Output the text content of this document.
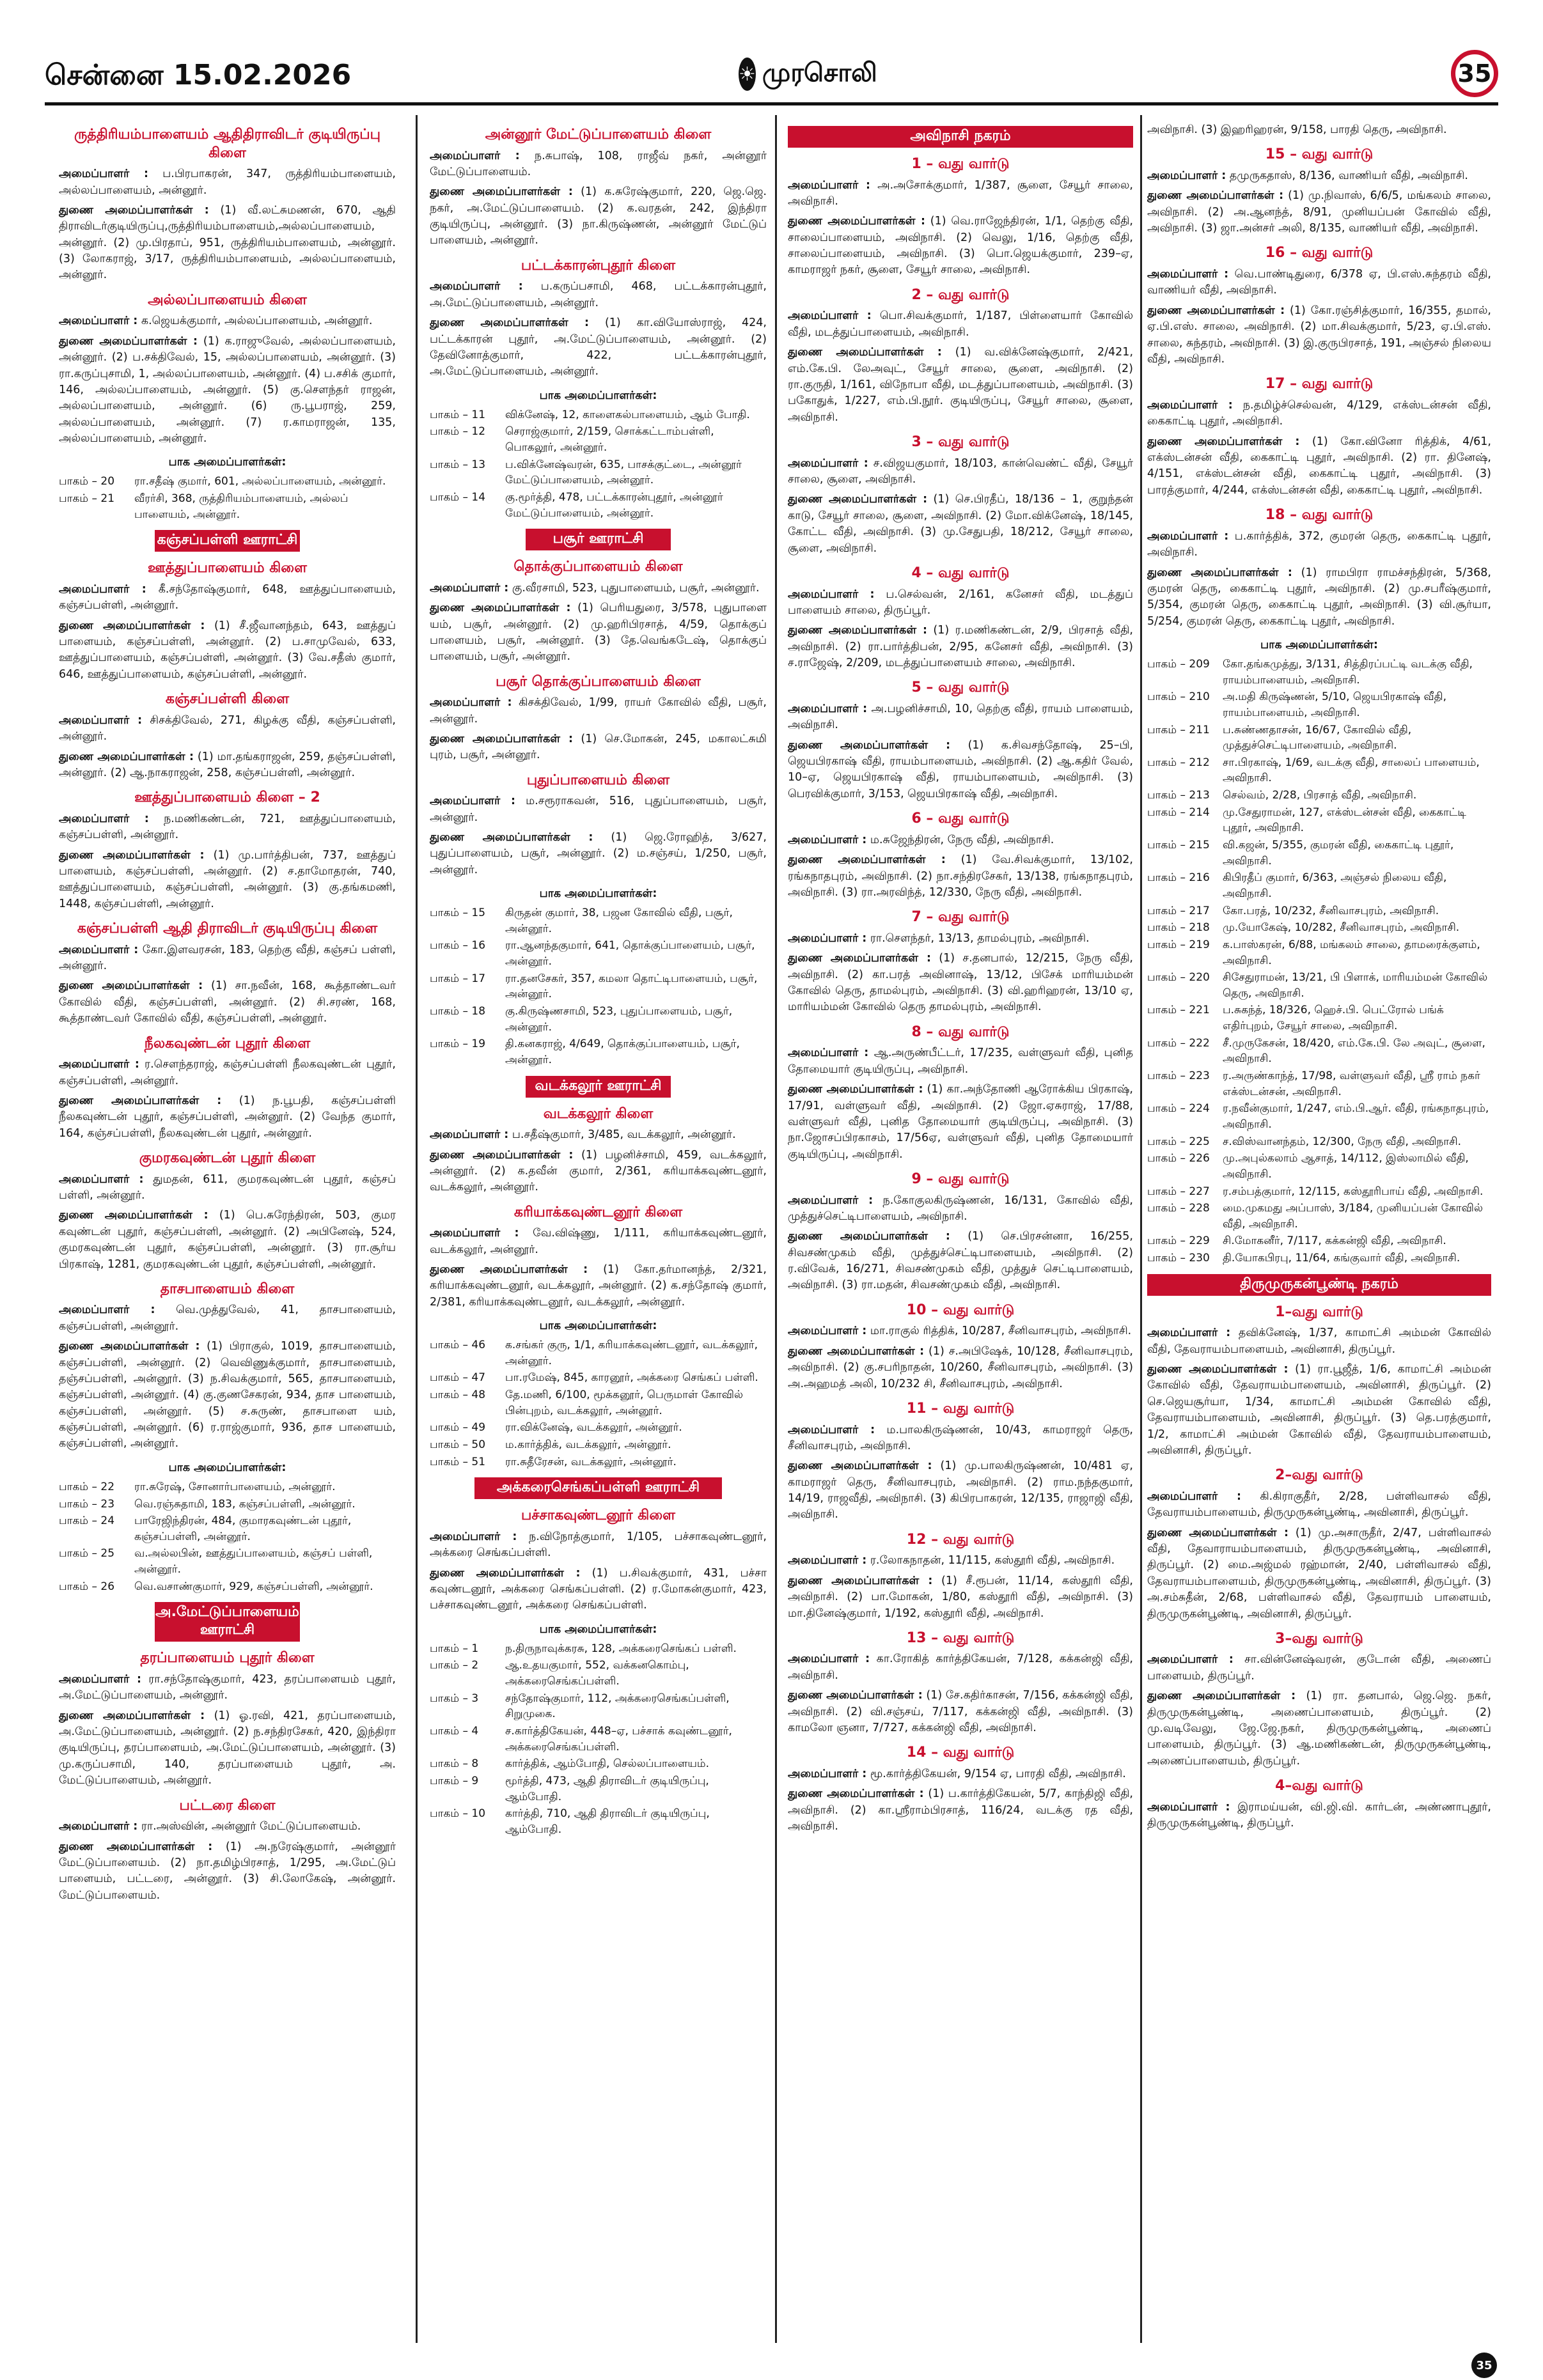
சென்னை 15.02.2026	☀ முரசொலி	35
ருத்திரியம்பாளையம் ஆதிதிராவிடர் குடியிருப்பு கிளை

அமைப்பாளர் : ப.பிரபாகரன், 347, ருத்திரியம்பாளையம், அல்லப்பாளையம், அன்னூர்.

துணை அமைப்பாளர்கள் : (1) வீ.லட்சுமணன், 670, ஆதி திராவிடர்குடியிருப்பு,ருத்திரியம்பாளையம்,அல்லப்பாளையம், அன்னூர். (2) மு.பிரதாப், 951, ருத்திரியம்பாளையம், அன்னூர். (3) லோகராஜ், 3/17, ருத்திரியம்பாளையம், அல்லப்பாளையம், அன்னூர்.

அல்லப்பாளையம் கிளை

அமைப்பாளர் : க.ஜெயக்குமார், அல்லப்பாளையம், அன்னூர்.

துணை அமைப்பாளர்கள் : (1) க.ராஜுவேல், அல்லப்பாளையம், அன்னூர். (2) ப.சக்திவேல், 15, அல்லப்பாளையம், அன்னூர். (3) ரா.கருப்புசாமி, 1, அல்லப்பாளையம், அன்னூர். (4) ப.சசிக் குமார், 146, அல்லப்பாளையம், அன்னூர். (5) கு.சௌந்தர் ராஜன், அல்லப்பாளையம், அன்னூர். (6) ரு.பூபராஜ், 259, அல்லப்பாளையம், அன்னூர். (7) ர.காமராஜன், 135, அல்லப்பாளையம், அன்னூர்.

பாக அமைப்பாளர்கள்:
பாகம் – 20	ரா.சதீஷ் குமார், 601, அல்லப்பாளையம், அன்னூர்.
பாகம் – 21	வீரர்சி, 368, ருத்திரியம்பாளையம், அல்லப் பாளையம், அன்னூர்.
கஞ்சப்பள்ளி ஊராட்சி
ஊத்துப்பாளையம் கிளை

அமைப்பாளர் : கீ.சந்தோஷ்குமார், 648, ஊத்துப்பாளையம், கஞ்சப்பள்ளி, அன்னூர்.

துணை அமைப்பாளர்கள் : (1) சீ.ஜீவானந்தம், 643, ஊத்துப் பாளையம், கஞ்சப்பள்ளி, அன்னூர். (2) ப.சாமுவேல், 633, ஊத்துப்பாளையம், கஞ்சப்பள்ளி, அன்னூர். (3) வே.சதீஸ் குமார், 646, ஊத்துப்பாளையம், கஞ்சப்பள்ளி, அன்னூர்.

கஞ்சப்பள்ளி கிளை

அமைப்பாளர் : சிசக்திவேல், 271, கிழக்கு வீதி, கஞ்சப்பள்ளி, அன்னூர்.

துணை அமைப்பாளர்கள் : (1) மா.தங்கராஜன், 259, தஞ்சப்பள்ளி, அன்னூர். (2) ஆ.நாகராஜன், 258, கஞ்சப்பள்ளி, அன்னூர்.

ஊத்துப்பாளையம் கிளை – 2

அமைப்பாளர் : ந.மணிகண்டன், 721, ஊத்துப்பாளையம், கஞ்சப்பள்ளி, அன்னூர்.

துணை அமைப்பாளர்கள் : (1) மு.பார்த்திபன், 737, ஊத்துப் பாளையம், கஞ்சப்பள்ளி, அன்னூர். (2) ச.தாமோதரன், 740, ஊத்துப்பாளையம், கஞ்சப்பள்ளி, அன்னூர். (3) கு.தங்கமணி, 1448, கஞ்சப்பள்ளி, அன்னூர்.

கஞ்சப்பள்ளி ஆதி திராவிடர் குடியிருப்பு கிளை

அமைப்பாளர் : கோ.இளவரசன், 183, தெற்கு வீதி, கஞ்சப் பள்ளி, அன்னூர்.

துணை அமைப்பாளர்கள் : (1) சா.நவீன், 168, கூத்தாண்டவர் கோவில் வீதி, கஞ்சப்பள்ளி, அன்னூர். (2) சி.சரண், 168, கூத்தாண்டவர் கோவில் வீதி, கஞ்சப்பள்ளி, அன்னூர்.

நீலகவுண்டன் புதூர் கிளை

அமைப்பாளர் : ர.சௌந்தராஜ், கஞ்சப்பள்ளி நீலகவுண்டன் புதூர், கஞ்சப்பள்ளி, அன்னூர்.

துணை அமைப்பாளர்கள் : (1) ந.பூபதி, கஞ்சப்பள்ளி நீலகவுண்டன் புதூர், கஞ்சப்பள்ளி, அன்னூர். (2) வேந்த குமார், 164, கஞ்சப்பள்ளி, நீலகவுண்டன் புதூர், அன்னூர்.

குமரகவுண்டன் புதூர் கிளை

அமைப்பாளர் : துமதன், 611, குமரகவுண்டன் புதூர், கஞ்சப் பள்ளி, அன்னூர்.

துணை அமைப்பாளர்கள் : (1) பெ.சுரேந்திரன், 503, குமர கவுண்டன் புதூர், கஞ்சப்பள்ளி, அன்னூர். (2) அபினேஷ், 524, குமரகவுண்டன் புதூர், கஞ்சப்பள்ளி, அன்னூர். (3) ரா.சூர்ய பிரகாஷ், 1281, குமரகவுண்டன் புதூர், கஞ்சப்பள்ளி, அன்னூர்.

தாசபாளையம் கிளை

அமைப்பாளர் : வெ.முத்துவேல், 41, தாசபாளையம், கஞ்சப்பள்ளி, அன்னூர்.

துணை அமைப்பாளர்கள் : (1) பிராகுல், 1019, தாசபாளையம், கஞ்சப்பள்ளி, அன்னூர். (2) வெவிணுக்குமார், தாசபாளையம், தஞ்சப்பள்ளி, அன்னூர். (3) ந.சிவக்குமார், 565, தாசபாளையம், கஞ்சப்பள்ளி, அன்னூர். (4) கு.குணசேகரன், 934, தாச பாளையம், கஞ்சப்பள்ளி, அன்னூர். (5) ச.சுருண், தாசபாளை யம், கஞ்சப்பள்ளி, அன்னூர். (6) ர.ராஜ்குமார், 936, தாச பாளையம், கஞ்சப்பள்ளி, அன்னூர்.

பாக அமைப்பாளர்கள்:
பாகம் – 22	ரா.சுரேஷ், சோனார்பாளையம், அன்னூர்.
பாகம் – 23	வெ.ரஞ்சுதாமி, 183, கஞ்சப்பள்ளி, அன்னூர்.
பாகம் – 24	பாரேஜிந்திரன், 484, குமாரகவுண்டன் புதூர், கஞ்சப்பள்ளி, அன்னூர்.
பாகம் – 25	வ.அல்லபின், ஊத்துப்பாளையம், கஞ்சப் பள்ளி, அன்னூர்.
பாகம் – 26	வெ.வசாண்குமார், 929, கஞ்சப்பள்ளி, அன்னூர்.
அ.மேட்டுப்பாளையம் ஊராட்சி
தரப்பாளையம் புதூர் கிளை

அமைப்பாளர் : ரா.சந்தோஷ்குமார், 423, தரப்பாளையம் புதூர், அ.மேட்டுப்பாளையம், அன்னூர்.

துணை அமைப்பாளர்கள் : (1) ஓ.ரவி, 421, தரப்பாளையம், அ.மேட்டுப்பாளையம், அன்னூர். (2) ந.சந்திரசேகர், 420, இந்திரா குடியிருப்பு, தரப்பாளையம், அ.மேட்டுப்பாளையம், அன்னூர். (3) மு.கருப்பசாமி, 140, தரப்பாளையம் புதூர், அ. மேட்டுப்பாளையம், அன்னூர்.

பட்டரை கிளை

அமைப்பாளர் : ரா.அஸ்வின், அன்னூர் மேட்டுப்பாளையம்.

துணை அமைப்பாளர்கள் : (1) அ.நரேஷ்குமார், அன்னூர் மேட்டுப்பாளையம். (2) நா.தமிழ்பிரசாத், 1/295, அ.மேட்டுப் பாளையம், பட்டரை, அன்னூர். (3) சி.லோகேஷ், அன்னூர். மேட்டுப்பாளையம்.

அன்னூர் மேட்டுப்பாளையம் கிளை

அமைப்பாளர் : ந.சுபாஷ், 108, ராஜீவ் நகர், அன்னூர் மேட்டுப்பாளையம்.

துணை அமைப்பாளர்கள் : (1) க.சுரேஷ்குமார், 220, ஜெ.ஜெ. நகர், அ.மேட்டுப்பாளையம். (2) க.வரதன், 242, இந்திரா குடியிருப்பு, அன்னூர். (3) நா.கிருஷ்ணன், அன்னூர் மேட்டுப் பாளையம், அன்னூர்.

பட்டக்காரன்புதூர் கிளை

அமைப்பாளர் : ப.கருப்பசாமி, 468, பட்டக்காரன்புதூர், அ.மேட்டுப்பாளையம், அன்னூர்.

துணை அமைப்பாளர்கள் : (1) கா.வியோஸ்ராஜ், 424, பட்டக்காரன் புதூர், அ.மேட்டுப்பாளையம், அன்னூர். (2) தேவினோத்குமார், 422, பட்டக்காரன்புதூர், அ.மேட்டுப்பாளையம், அன்னூர்.

பாக அமைப்பாளர்கள்:
பாகம் – 11	விக்னேஷ், 12, காளைகல்பாளையம், ஆம் போதி.
பாகம் – 12	செராஜ்குமார், 2/159, சொக்கட்டாம்பள்ளி, பொகலூர், அன்னூர்.
பாகம் – 13	ப.விக்னேஷ்வரன், 635, பாசக்குட்டை, அன்னூர் மேட்டுப்பாளையம், அன்னூர்.
பாகம் – 14	கு.மூர்த்தி, 478, பட்டக்காரன்புதூர், அன்னூர் மேட்டுப்பாளையம், அன்னூர்.
பசூர் ஊராட்சி
தொக்குப்பாளையம் கிளை

அமைப்பாளர் : கு.வீரசாமி, 523, புதுபாளையம், பசூர், அன்னூர்.

துணை அமைப்பாளர்கள் : (1) பெரியதுரை, 3/578, புதுபாளை யம், பசூர், அன்னூர். (2) மு.ஹரிபிரசாத், 4/59, தொக்குப் பாளையம், பசூர், அன்னூர். (3) தே.வெங்கடேஷ், தொக்குப் பாளையம், பசூர், அன்னூர்.

பசூர் தொக்குப்பாளையம் கிளை

அமைப்பாளர் : கிசக்திவேல், 1/99, ராயர் கோவில் வீதி, பசூர், அன்னூர்.

துணை அமைப்பாளர்கள் : (1) செ.மோகன், 245, மகாலட்சுமி புரம், பசூர், அன்னூர்.

புதுப்பாளையம் கிளை

அமைப்பாளர் : ம.சரூராகவன், 516, புதுப்பாளையம், பசூர், அன்னூர்.

துணை அமைப்பாளர்கள் : (1) ஜெ.ரோஹித், 3/627, புதுப்பாளையம், பசூர், அன்னூர். (2) ம.சஞ்சய், 1/250, பசூர், அன்னூர்.

பாக அமைப்பாளர்கள்:
பாகம் – 15	கிருதன் குமார், 38, பஜன கோவில் வீதி, பசூர், அன்னூர்.
பாகம் – 16	ரா.ஆனந்தகுமார், 641, தொக்குப்பாளையம், பசூர், அன்னூர்.
பாகம் – 17	ரா.தனசேகர், 357, கமலா தொட்டிபாளையம், பசூர், அன்னூர்.
பாகம் – 18	கு.கிருஷ்ணசாமி, 523, புதுப்பாளையம், பசூர், அன்னூர்.
பாகம் – 19	தி.கனகராஜ், 4/649, தொக்குப்பாளையம், பசூர், அன்னூர்.
வடக்கலூர் ஊராட்சி
வடக்கலூர் கிளை

அமைப்பாளர் : ப.சதீஷ்குமார், 3/485, வடக்கலூர், அன்னூர்.

துணை அமைப்பாளர்கள் : (1) பழனிச்சாமி, 459, வடக்கலூர், அன்னூர். (2) க.தவீன் குமார், 2/361, கரியாக்கவுண்டனூர், வடக்கலூர், அன்னூர்.

கரியாக்கவுண்டனூர் கிளை

அமைப்பாளர் : வே.விஷ்ணு, 1/111, கரியாக்கவுண்டனூர், வடக்கலூர், அன்னூர்.

துணை அமைப்பாளர்கள் : (1) கோ.தர்மானந்த், 2/321, கரியாக்கவுண்டனூர், வடக்கலூர், அன்னூர். (2) க.சந்தோஷ் குமார், 2/381, கரியாக்கவுண்டனூர், வடக்கலூர், அன்னூர்.

பாக அமைப்பாளர்கள்:
பாகம் – 46	க.சங்கர் குரு, 1/1, கரியாக்கவுண்டனூர், வடக்கலூர், அன்னூர்.
பாகம் – 47	பா.ரமேஷ், 845, காரனூர், அக்கரை செங்கப் பள்ளி.
பாகம் – 48	தே.மணி, 6/100, மூக்கனூர், பெருமாள் கோவில் பின்புறம், வடக்கலூர், அன்னூர்.
பாகம் – 49	ரா.விக்னேஷ், வடக்கலூர், அன்னூர்.
பாகம் – 50	ம.கார்த்திக், வடக்கலூர், அன்னூர்.
பாகம் – 51	ரா.சுதீரேசன், வடக்கலூர், அன்னூர்.
அக்கரைசெங்கப்பள்ளி ஊராட்சி
பச்சாகவுண்டனூர் கிளை

அமைப்பாளர் : ந.விநோத்குமார், 1/105, பச்சாகவுண்டனூர், அக்கரை செங்கப்பள்ளி.

துணை அமைப்பாளர்கள் : (1) ப.சிவக்குமார், 431, பச்சா கவுண்டனூர், அக்கரை செங்கப்பள்ளி. (2) ர.மோகன்குமார், 423, பச்சாகவுண்டனூர், அக்கரை செங்கப்பள்ளி.

பாக அமைப்பாளர்கள்:
பாகம் – 1	ந.திருநாவுக்கரசு, 128, அக்கரைசெங்கப் பள்ளி.
பாகம் – 2	ஆ.உதயகுமார், 552, வக்கனகொம்பு, அக்கரைசெங்கப்பள்ளி.
பாகம் – 3	சந்தோஷ்குமார், 112, அக்கரைசெங்கப்பள்ளி, சிறுமுகை.
பாகம் – 4	ச.கார்த்திகேயன், 448–ஏ, பச்சாக் கவுண்டனூர், அக்கரைசெங்கப்பள்ளி.
பாகம் – 8	கார்த்திக், ஆம்போதி, செல்லப்பாளையம்.
பாகம் – 9	மூர்த்தி, 473, ஆதி திராவிடர் குடியிருப்பு, ஆம்போதி.
பாகம் – 10	கார்த்தி, 710, ஆதி திராவிடர் குடியிருப்பு, ஆம்போதி.
அவிநாசி நகரம்
1 – வது வார்டு

அமைப்பாளர் : அ.அசோக்குமார், 1/387, சூளை, சேயூர் சாலை, அவிநாசி.

துணை அமைப்பாளர்கள் : (1) வெ.ராஜேந்திரன், 1/1, தெற்கு வீதி, சாலைப்பாளையம், அவிநாசி. (2) வெலு, 1/16, தெற்கு வீதி, சாலைப்பாளையம், அவிநாசி. (3) பொ.ஜெயக்குமார், 239–ஏ, காமராஜர் நகர், சூளை, சேயூர் சாலை, அவிநாசி.

2 – வது வார்டு

அமைப்பாளர் : பொ.சிவக்குமார், 1/187, பிள்ளையார் கோவில் வீதி, மடத்துப்பாளையம், அவிநாசி.

துணை அமைப்பாளர்கள் : (1) வ.விக்னேஷ்குமார், 2/421, எம்.கே.பி. லேஅவுட், சேயூர் சாலை, சூளை, அவிநாசி. (2) ரா.குருதி, 1/161, விநோபா வீதி, மடத்துப்பாளையம், அவிநாசி. (3) பகோதுக், 1/227, எம்.பி.நூர். குடியிருப்பு, சேயூர் சாலை, சூளை, அவிநாசி.

3 – வது வார்டு

அமைப்பாளர் : ச.விஜயகுமார், 18/103, கான்வெண்ட் வீதி, சேயூர் சாலை, சூளை, அவிநாசி.

துணை அமைப்பாளர்கள் : (1) செ.பிரதீப், 18/136 – 1, குறுந்தன் காடு, சேயூர் சாலை, சூளை, அவிநாசி. (2) மோ.விக்னேஷ், 18/145, கோட்ட வீதி, அவிநாசி. (3) மு.சேதுபதி, 18/212, சேயூர் சாலை, சூளை, அவிநாசி.

4 – வது வார்டு

அமைப்பாளர் : ப.செல்வன், 2/161, கனேசர் வீதி, மடத்துப் பாளையம் சாலை, திருப்பூர்.

துணை அமைப்பாளர்கள் : (1) ர.மணிகண்டன், 2/9, பிரசாத் வீதி, அவிநாசி. (2) ரா.பார்த்திபன், 2/95, கனேசர் வீதி, அவிநாசி. (3) ச.ராஜேஷ், 2/209, மடத்துப்பாளையம் சாலை, அவிநாசி.

5 – வது வார்டு

அமைப்பாளர் : அ.பழனிச்சாமி, 10, தெற்கு வீதி, ராயம் பாளையம், அவிநாசி.

துணை அமைப்பாளர்கள் : (1) க.சிவசந்தோஷ், 25–பி, ஜெயபிரகாஷ் வீதி, ராயம்பாளையம், அவிநாசி. (2) ஆ.கதிர் வேல், 10–ஏ, ஜெயபிரகாஷ் வீதி, ராயம்பாளையம், அவிநாசி. (3) பெரவிக்குமார், 3/153, ஜெயபிரகாஷ் வீதி, அவிநாசி.

6 – வது வார்டு

அமைப்பாளர் : ம.சுஜேந்திரன், நேரு வீதி, அவிநாசி.

துணை அமைப்பாளர்கள் : (1) வே.சிவக்குமார், 13/102, ரங்கநாதபுரம், அவிநாசி. (2) நா.சந்திரசேகர், 13/138, ரங்கநாதபுரம், அவிநாசி. (3) ரா.அரவிந்த், 12/330, நேரு வீதி, அவிநாசி.

7 – வது வார்டு

அமைப்பாளர் : ரா.சௌந்தர், 13/13, தாமல்புரம், அவிநாசி.

துணை அமைப்பாளர்கள் : (1) ச.தனபால், 12/215, நேரு வீதி, அவிநாசி. (2) கா.பரத் அவினாஷ், 13/12, பிசேக் மாரியம்மன் கோவில் தெரு, தாமல்புரம், அவிநாசி. (3) வி.ஹரிஹரன், 13/10 ஏ, மாரியம்மன் கோவில் தெரு தாமல்புரம், அவிநாசி.

8 – வது வார்டு

அமைப்பாளர் : ஆ.அருண்பீட்டர், 17/235, வள்ளுவர் வீதி, புனித தோமையார் குடியிருப்பு, அவிநாசி.

துணை அமைப்பாளர்கள் : (1) கா.அந்தோணி ஆரோக்கிய பிரகாஷ், 17/91, வள்ளுவர் வீதி, அவிநாசி. (2) ஜோ.ஏசுராஜ், 17/88, வள்ளுவர் வீதி, புனித தோமையார் குடியிருப்பு, அவிநாசி. (3) நா.ஜோசப்பிரகாசம், 17/56ஏ, வள்ளுவர் வீதி, புனித தோமையார் குடியிருப்பு, அவிநாசி.

9 – வது வார்டு

அமைப்பாளர் : ந.கோகுலகிருஷ்ணன், 16/131, கோவில் வீதி, முத்துச்செட்டிபாளையம், அவிநாசி.

துணை அமைப்பாளர்கள் : (1) செ.பிரசன்னா, 16/255, சிவசண்முகம் வீதி, முத்துச்செட்டிபாளையம், அவிநாசி. (2) ர.விவேக், 16/271, சிவசண்முகம் வீதி, முத்துச் செட்டிபாளையம், அவிநாசி. (3) ரா.மதன், சிவசண்முகம் வீதி, அவிநாசி.

10 – வது வார்டு

அமைப்பாளர் : மா.ராகுல் ரித்திக், 10/287, சீனிவாசபுரம், அவிநாசி.

துணை அமைப்பாளர்கள் : (1) ச.அபிஷேக், 10/128, சீனிவாசபுரம், அவிநாசி. (2) கு.சபரிநாதன், 10/260, சீனிவாசபுரம், அவிநாசி. (3) அ.அஹமத் அலி, 10/232 சி, சீனிவாசபுரம், அவிநாசி.

11 – வது வார்டு

அமைப்பாளர் : ம.பாலகிருஷ்ணன், 10/43, காமராஜர் தெரு, சீனிவாசபுரம், அவிநாசி.

துணை அமைப்பாளர்கள் : (1) மு.பாலகிருஷ்ணன், 10/481 ஏ, காமராஜர் தெரு, சீனிவாசபுரம், அவிநாசி. (2) ராம.நந்தகுமார், 14/19, ராஜவீதி, அவிநாசி. (3) கிபிரபாகரன், 12/135, ராஜாஜி வீதி, அவிநாசி.

12 – வது வார்டு

அமைப்பாளர் : ர.லோகநாதன், 11/115, கஸ்தூரி வீதி, அவிநாசி.

துணை அமைப்பாளர்கள் : (1) சீ.ரூபன், 11/14, கஸ்தூரி வீதி, அவிநாசி. (2) பா.மோகன், 1/80, கஸ்தூரி வீதி, அவிநாசி. (3) மா.தினேஷ்குமார், 1/192, கஸ்தூரி வீதி, அவிநாசி.

13 – வது வார்டு

அமைப்பாளர் : கா.ரோகித் கார்த்திகேயன், 7/128, கக்கன்ஜி வீதி, அவிநாசி.

துணை அமைப்பாளர்கள் : (1) சே.கதிர்காசன், 7/156, கக்கன்ஜி வீதி, அவிநாசி. (2) வி.சஞ்சய், 7/117, கக்கன்ஜி வீதி, அவிநாசி. (3) காமலோ ஞனா, 7/727, கக்கன்ஜி வீதி, அவிநாசி.

14 – வது வார்டு

அமைப்பாளர் : மூ.கார்த்திகேயன், 9/154 ஏ, பாரதி வீதி, அவிநாசி.

துணை அமைப்பாளர்கள் : (1) ப.கார்த்திகேயன், 5/7, காந்திஜி வீதி, அவிநாசி. (2) கா.ஸ்ரீராம்பிரசாத், 116/24, வடக்கு ரத வீதி, அவிநாசி.

அவிநாசி. (3) இஹரிஹரன், 9/158, பாரதி தெரு, அவிநாசி.

15 – வது வார்டு

அமைப்பாளர் : தமுருகதாஸ், 8/136, வாணியர் வீதி, அவிநாசி.

துணை அமைப்பாளர்கள் : (1) மு.நிவாஸ், 6/6/5, மங்கலம் சாலை, அவிநாசி. (2) அ.ஆனந்த், 8/91, முனியப்பன் கோவில் வீதி, அவிநாசி. (3) ஜா.அன்சர் அலி, 8/135, வாணியர் வீதி, அவிநாசி.

16 – வது வார்டு

அமைப்பாளர் : வெ.பாண்டிதுரை, 6/378 ஏ, பி.எஸ்.சுந்தரம் வீதி, வாணியர் வீதி, அவிநாசி.

துணை அமைப்பாளர்கள் : (1) கோ.ரஞ்சித்குமார், 16/355, தமால், ஏ.பி.எஸ். சாலை, அவிநாசி. (2) மா.சிவக்குமார், 5/23, ஏ.பி.எஸ். சாலை, சுந்தரம், அவிநாசி. (3) இ.குருபிரசாத், 191, அஞ்சல் நிலைய வீதி, அவிநாசி.

17 – வது வார்டு

அமைப்பாளர் : ந.தமிழ்ச்செல்வன், 4/129, எக்ஸ்டன்சன் வீதி, கைகாட்டி புதூர், அவிநாசி.

துணை அமைப்பாளர்கள் : (1) கோ.வினோ ரித்திக், 4/61, எக்ஸ்டன்சன் வீதி, கைகாட்டி புதூர், அவிநாசி. (2) ரா. தினேஷ், 4/151, எக்ஸ்டன்சன் வீதி, கைகாட்டி புதூர், அவிநாசி. (3) பாரத்குமார், 4/244, எக்ஸ்டன்சன் வீதி, கைகாட்டி புதூர், அவிநாசி.

18 – வது வார்டு

அமைப்பாளர் : ப.கார்த்திக், 372, குமரன் தெரு, கைகாட்டி புதூர், அவிநாசி.

துணை அமைப்பாளர்கள் : (1) ராமபிரா ராமச்சந்திரன், 5/368, குமரன் தெரு, கைகாட்டி புதூர், அவிநாசி. (2) மு.சபரீஷ்குமார், 5/354, குமரன் தெரு, கைகாட்டி புதூர், அவிநாசி. (3) வி.சூர்யா, 5/254, குமரன் தெரு, கைகாட்டி புதூர், அவிநாசி.

பாக அமைப்பாளர்கள்:
பாகம் – 209	கோ.தங்கமுத்து, 3/131, சித்திரப்பட்டி வடக்கு வீதி, ராயம்பாளையம், அவிநாசி.
பாகம் – 210	அ.மதி கிருஷ்ணன், 5/10, ஜெயபிரகாஷ் வீதி, ராயம்பாளையம், அவிநாசி.
பாகம் – 211	ப.சுண்ணதாசன், 16/67, கோவில் வீதி, முத்துச்செட்டிபாளையம், அவிநாசி.
பாகம் – 212	சா.பிரகாஷ், 1/69, வடக்கு வீதி, சாலைப் பாளையம், அவிநாசி.
பாகம் – 213	செல்வம், 2/28, பிரசாத் வீதி, அவிநாசி.
பாகம் – 214	மு.சேதுராமன், 127, எக்ஸ்டன்சன் வீதி, கைகாட்டி புதூர், அவிநாசி.
பாகம் – 215	வி.கஜன், 5/355, குமரன் வீதி, கைகாட்டி புதூர், அவிநாசி.
பாகம் – 216	கிபிரதீப் குமார், 6/363, அஞ்சல் நிலைய வீதி, அவிநாசி.
பாகம் – 217	கோ.பரத், 10/232, சீனிவாசபுரம், அவிநாசி.
பாகம் – 218	மு.யோகேஷ், 10/282, சீனிவாசபுரம், அவிநாசி.
பாகம் – 219	க.பாஸ்கரன், 6/88, மங்கலம் சாலை, தாமரைக்குளம், அவிநாசி.
பாகம் – 220	சிசேதுராமன், 13/21, பி பிளாக், மாரியம்மன் கோவில் தெரு, அவிநாசி.
பாகம் – 221	ப.சுகந்த், 18/326, ஹெச்.பி. பெட்ரோல் பங்க் எதிர்புறம், சேயூர் சாலை, அவிநாசி.
பாகம் – 222	சீ.முருகேசன், 18/420, எம்.கே.பி. லே அவுட், சூளை, அவிநாசி.
பாகம் – 223	ர.அருண்காந்த், 17/98, வள்ளுவர் வீதி, ஸ்ரீ ராம் நகர் எக்ஸ்டன்சன், அவிநாசி.
பாகம் – 224	ர.நவீன்குமார், 1/247, எம்.பி.ஆர். வீதி, ரங்கநாதபுரம், அவிநாசி.
பாகம் – 225	ச.விஸ்வானந்தம், 12/300, நேரு வீதி, அவிநாசி.
பாகம் – 226	மு.அபுல்கலாம் ஆசாத், 14/112, இஸ்லாமில் வீதி, அவிநாசி.
பாகம் – 227	ர.சம்பத்குமார், 12/115, கஸ்தூரிபாய் வீதி, அவிநாசி.
பாகம் – 228	மை.முகமது அப்பாஸ், 3/184, முனியப்பன் கோவில் வீதி, அவிநாசி.
பாகம் – 229	சி.மோகனீர், 7/117, கக்கன்ஜி வீதி, அவிநாசி.
பாகம் – 230	தி.யோகபிரபு, 11/64, கங்குவார் வீதி, அவிநாசி.
திருமுருகன்பூண்டி நகரம்
1–வது வார்டு

அமைப்பாளர் : தவிக்னேஷ், 1/37, காமாட்சி அம்மன் கோவில் வீதி, தேவராயம்பாளையம், அவினாசி, திருப்பூர்.

துணை அமைப்பாளர்கள் : (1) ரா.பூஜீத், 1/6, காமாட்சி அம்மன் கோவில் வீதி, தேவராயம்பாளையம், அவினாசி, திருப்பூர். (2) செ.ஜெயசூர்யா, 1/34, காமாட்சி அம்மன் கோவில் வீதி, தேவராயம்பாளையம், அவினாசி, திருப்பூர். (3) தெ.பரத்குமார், 1/2, காமாட்சி அம்மன் கோவில் வீதி, தேவராயம்பாளையம், அவினாசி, திருப்பூர்.

2–வது வார்டு

அமைப்பாளர் : கி.கிராகுதீர், 2/28, பள்ளிவாசல் வீதி, தேவராயம்பாளையம், திருமுருகன்பூண்டி, அவினாசி, திருப்பூர்.

துணை அமைப்பாளர்கள் : (1) மு.அசாருதீர், 2/47, பள்ளிவாசல் வீதி, தேவாராயம்பாளையம், திருமுருகன்பூண்டி, அவினாசி, திருப்பூர். (2) மை.அஜ்மல் ரஹ்மான், 2/40, பள்ளிவாசல் வீதி, தேவராயம்பாளையம், திருமுருகன்பூண்டி, அவினாசி, திருப்பூர். (3) அ.சம்சுதீன், 2/68, பள்ளிவாசல் வீதி, தேவராயம் பாளையம், திருமுருகன்பூண்டி, அவினாசி, திருப்பூர்.

3–வது வார்டு

அமைப்பாளர் : சா.வின்னேஷ்வரன், குடோன் வீதி, அணைப் பாளையம், திருப்பூர்.

துணை அமைப்பாளர்கள் : (1) ரா. தனபால், ஜெ.ஜெ. நகர், திருமுருகன்பூண்டி, அணைப்பாளையம், திருப்பூர். (2) மு.வடிவேலு, ஜே.ஜே.நகர், திருமுருகன்பூண்டி, அணைப் பாளையம், திருப்பூர். (3) ஆ.மணிகண்டன், திருமுருகன்பூண்டி, அணைப்பாளையம், திருப்பூர்.

4–வது வார்டு

அமைப்பாளர் : இராமய்யன், வி.ஜி.வி. கார்டன், அண்ணாபுதூர், திருமுருகன்பூண்டி, திருப்பூர்.

35
